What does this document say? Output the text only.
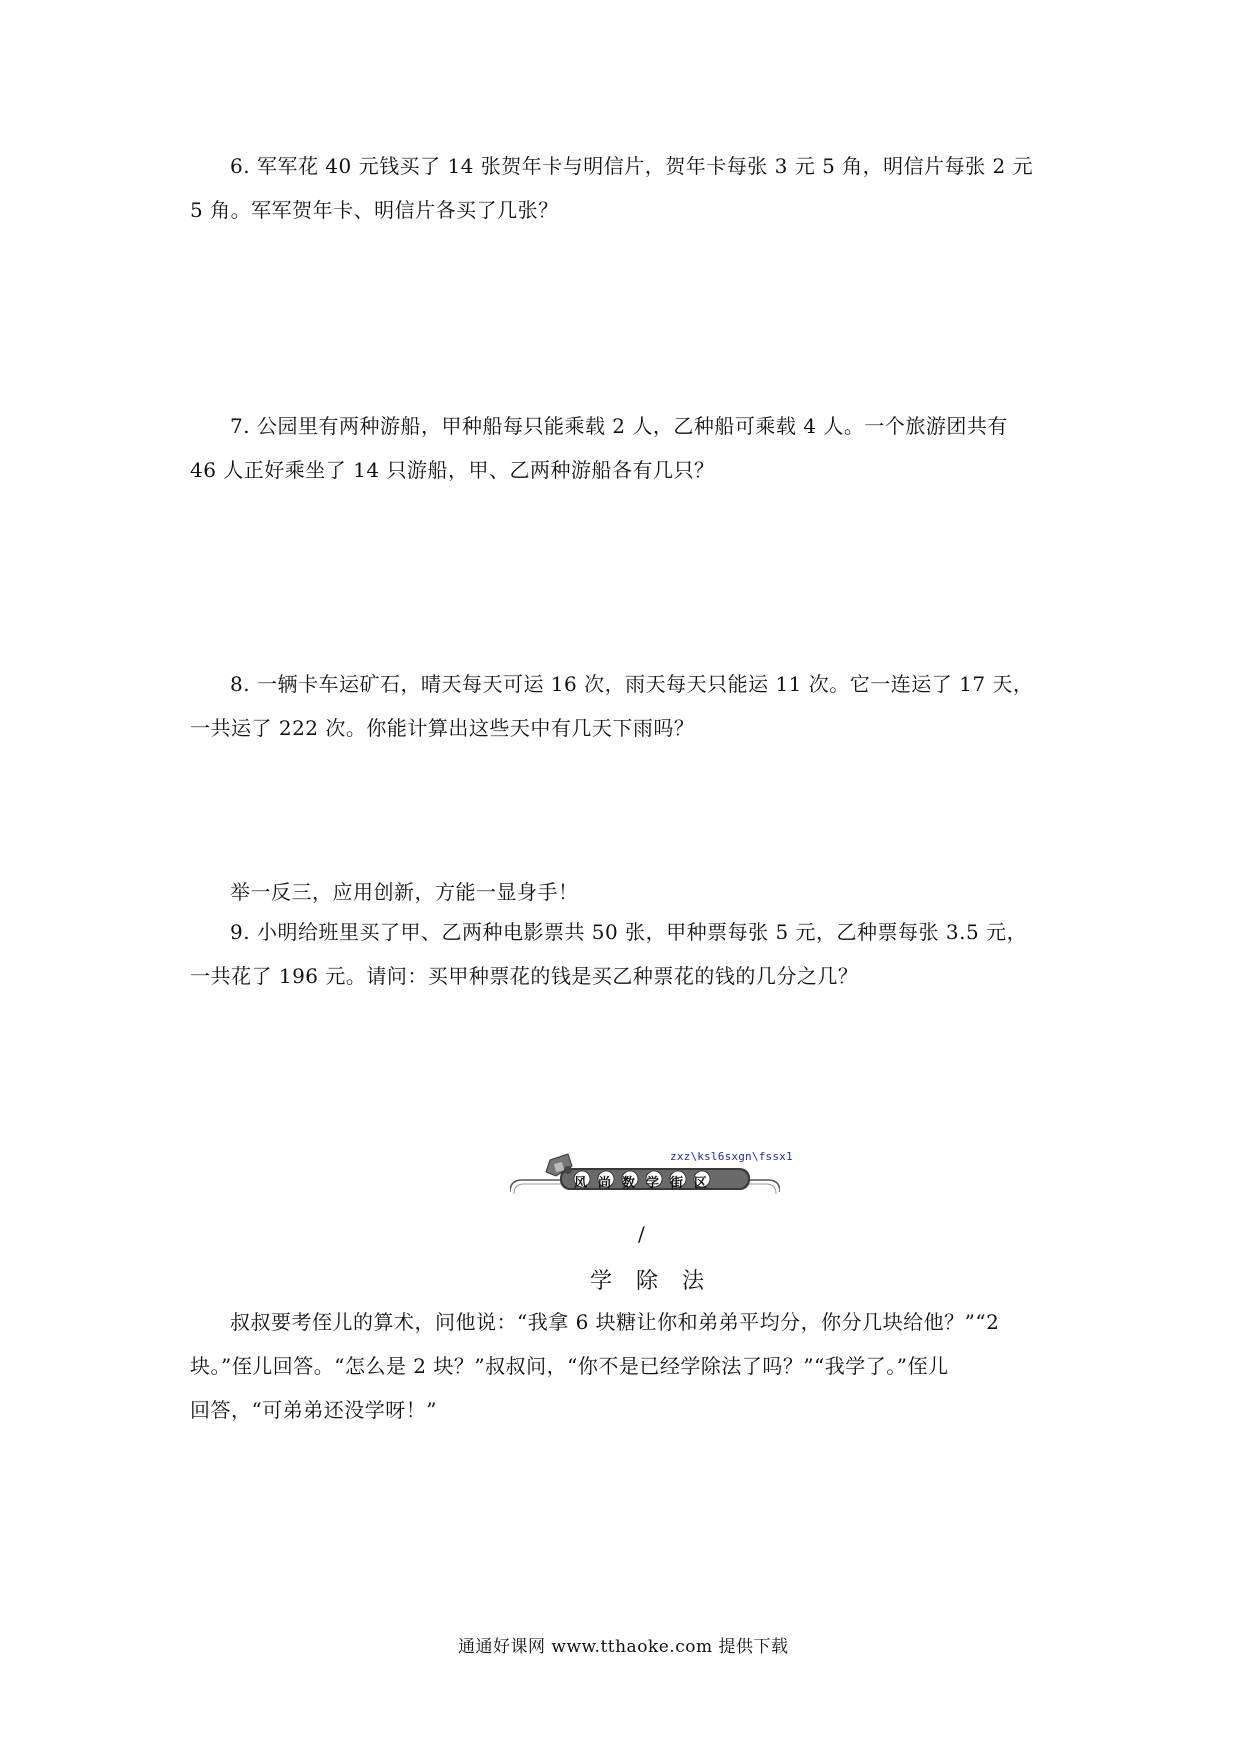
6. 军军花 40 元钱买了 14 张贺年卡与明信片，贺年卡每张 3 元 5 角，明信片每张 2 元
5 角。军军贺年卡、明信片各买了几张？
7. 公园里有两种游船，甲种船每只能乘载 2 人，乙种船可乘载 4 人。一个旅游团共有
46 人正好乘坐了 14 只游船，甲、乙两种游船各有几只？
8. 一辆卡车运矿石，晴天每天可运 16 次，雨天每天只能运 11 次。它一连运了 17 天，
一共运了 222 次。你能计算出这些天中有几天下雨吗？
举一反三，应用创新，方能一显身手！
9. 小明给班里买了甲、乙两种电影票共 50 张，甲种票每张 5 元，乙种票每张 3.5 元，
一共花了 196 元。请问：买甲种票花的钱是买乙种票花的钱的几分之几？
zxz\ksl6sxgn\fssx1
风尚数学街区
/
学除法
叔叔要考侄儿的算术，问他说：“我拿 6 块糖让你和弟弟平均分，你分几块给他？”“2
块。”侄儿回答。“怎么是 2 块？”叔叔问，“你不是已经学除法了吗？”“我学了。”侄儿
回答，“可弟弟还没学呀！”
通通好课网 www.tthaoke.com 提供下载
